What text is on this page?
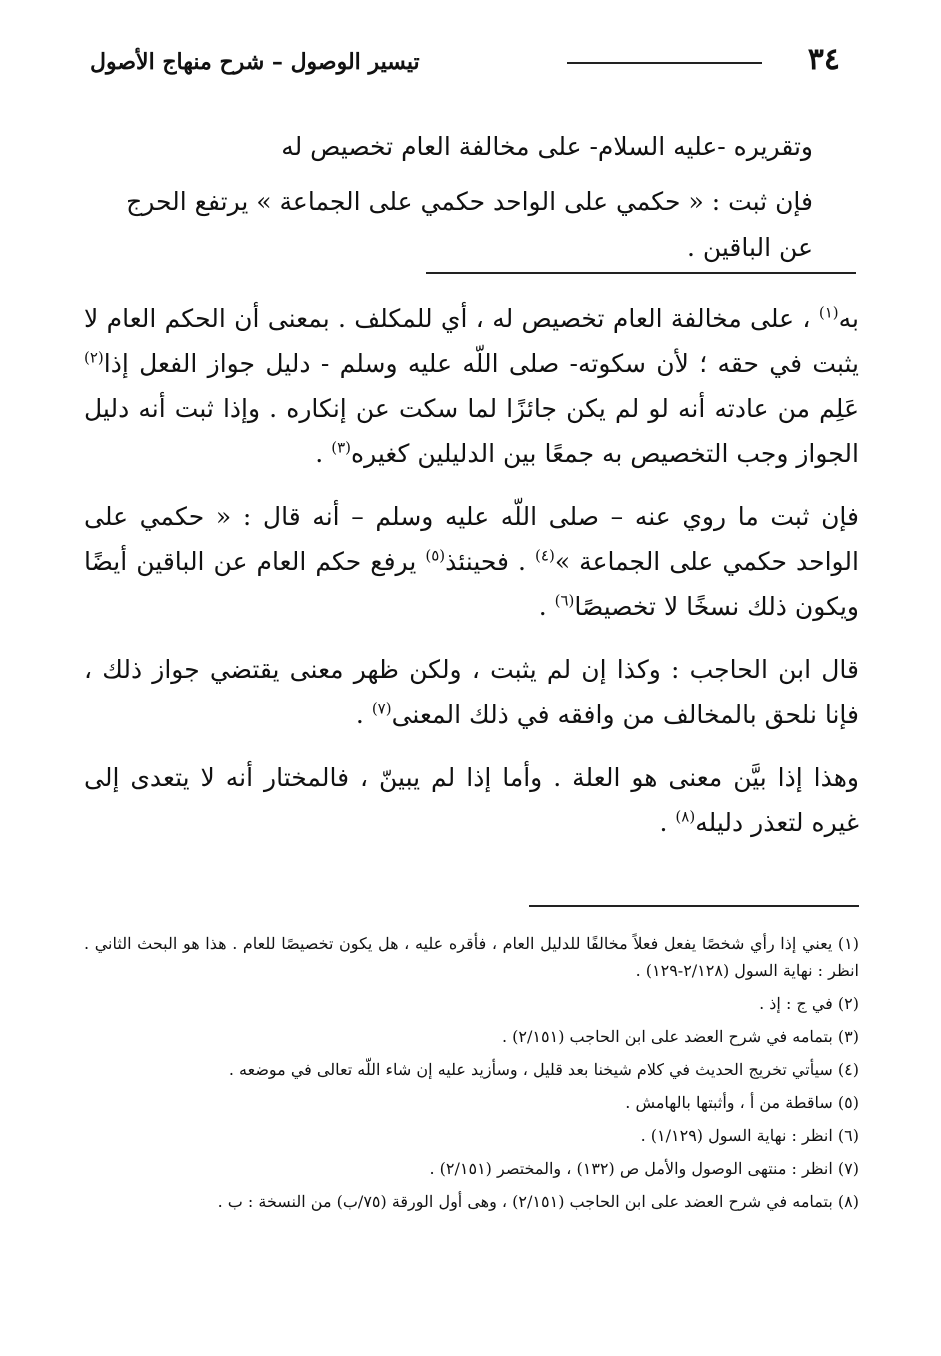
٣٤
تيسير الوصول – شرح منهاج الأصول

وتقريره -عليه السلام- على مخالفة العام تخصيص له

فإن ثبت : « حكمي على الواحد حكمي على الجماعة » يرتفع الحرج عن الباقين .

به$^{(١)}$ ، على مخالفة العام تخصيص له ، أي للمكلف . بمعنى أن الحكم العام لا يثبت في حقه ؛ لأن سكوته- صلى اللّه عليه وسلم - دليل جواز الفعل إذا$^{(٢)}$ عَلِم من عادته أنه لو لم يكن جائزًا لما سكت عن إنكاره . وإذا ثبت أنه دليل الجواز وجب التخصيص به جمعًا بين الدليلين كغيره$^{(٣)}$ .

فإن ثبت ما روي عنه – صلى اللّه عليه وسلم – أنه قال : « حكمي على الواحد حكمي على الجماعة »$^{(٤)}$ . فحينئذ$^{(٥)}$ يرفع حكم العام عن الباقين أيضًا ويكون ذلك نسخًا لا تخصيصًا$^{(٦)}$ .

قال ابن الحاجب : وكذا إن لم يثبت ، ولكن ظهر معنى يقتضي جواز ذلك ، فإنا نلحق بالمخالف من وافقه في ذلك المعنى$^{(٧)}$ .

وهذا إذا بيَّن معنى هو العلة . وأما إذا لم يبينّ ، فالمختار أنه لا يتعدى إلى غيره لتعذر دليله$^{(٨)}$ .

(١) يعني إذا رأي شخصًا يفعل فعلاً مخالفًا للدليل العام ، فأقره عليه ، هل يكون تخصيصًا للعام . هذا هو البحث الثاني . انظر : نهاية السول (٢/١٢٨-١٢٩) .

(٢) في ج : إذ .

(٣) بتمامه في شرح العضد على ابن الحاجب (٢/١٥١) .

(٤) سيأتي تخريج الحديث في كلام شيخنا بعد قليل ، وسأزيد عليه إن شاء اللّه تعالى في موضعه .

(٥) ساقطة من أ ، وأثبتها بالهامش .

(٦) انظر : نهاية السول (١/١٢٩) .

(٧) انظر : منتهى الوصول والأمل ص (١٣٢) ، والمختصر (٢/١٥١) .

(٨) بتمامه في شرح العضد على ابن الحاجب (٢/١٥١) ، وهى أول الورقة (٧٥/ب) من النسخة : ب .
